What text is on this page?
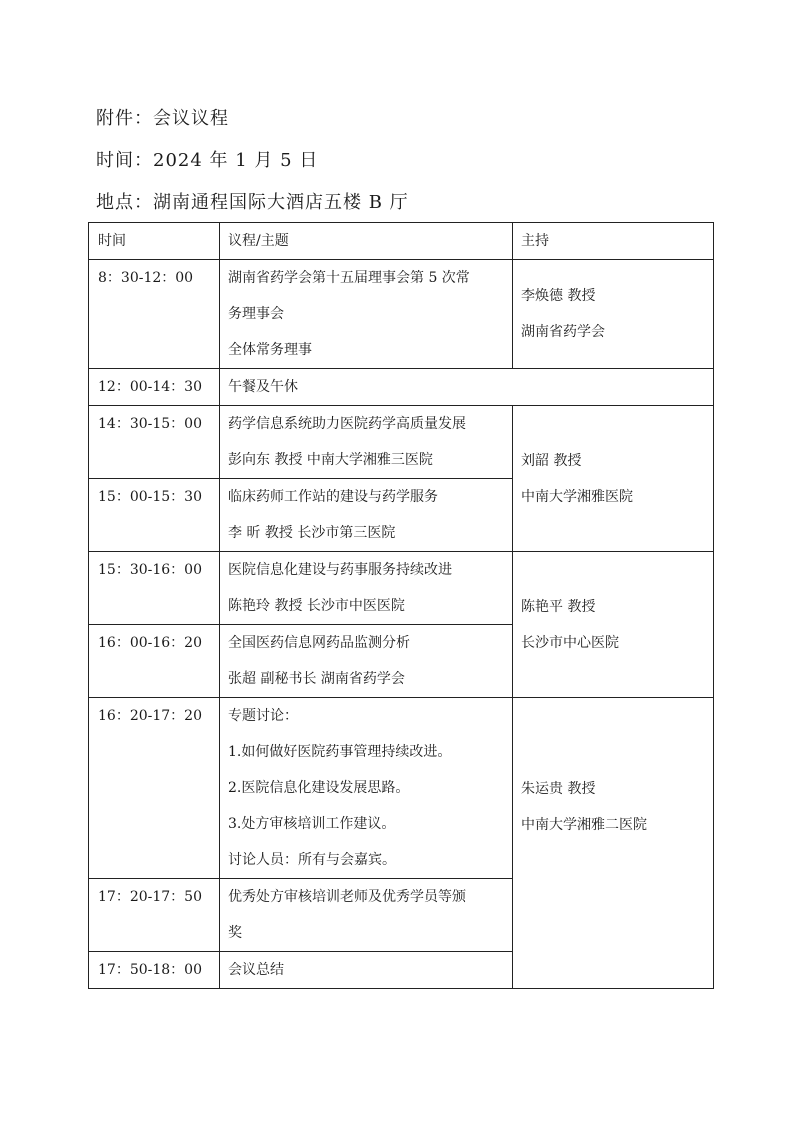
附件：会议议程
时间：2024 年 1 月 5 日
地点：湖南通程国际大酒店五楼 B 厅
时间	议程/主题	主持
8：30-12：00	湖南省药学会第十五届理事会第 5 次常
务理事会
全体常务理事	李焕德 教授
湖南省药学会

12：00-14：30	午餐及午休	

14：30-15：00	药学信息系统助力医院药学高质量发展
彭向东 教授 中南大学湘雅三医院	刘韶 教授
中南大学湘雅医院

15：00-15：30	临床药师工作站的建设与药学服务
李 昕 教授 长沙市第三医院	

15：30-16：00	医院信息化建设与药事服务持续改进
陈艳玲 教授 长沙市中医医院	陈艳平 教授
长沙市中心医院

16：00-16：20	全国医药信息网药品监测分析
张超 副秘书长 湖南省药学会	

16：20-17：20	专题讨论：
1.如何做好医院药事管理持续改进。
2.医院信息化建设发展思路。
3.处方审核培训工作建议。
讨论人员：所有与会嘉宾。	朱运贵 教授
中南大学湘雅二医院

17：20-17：50	优秀处方审核培训老师及优秀学员等颁
奖	

17：50-18：00	会议总结	
